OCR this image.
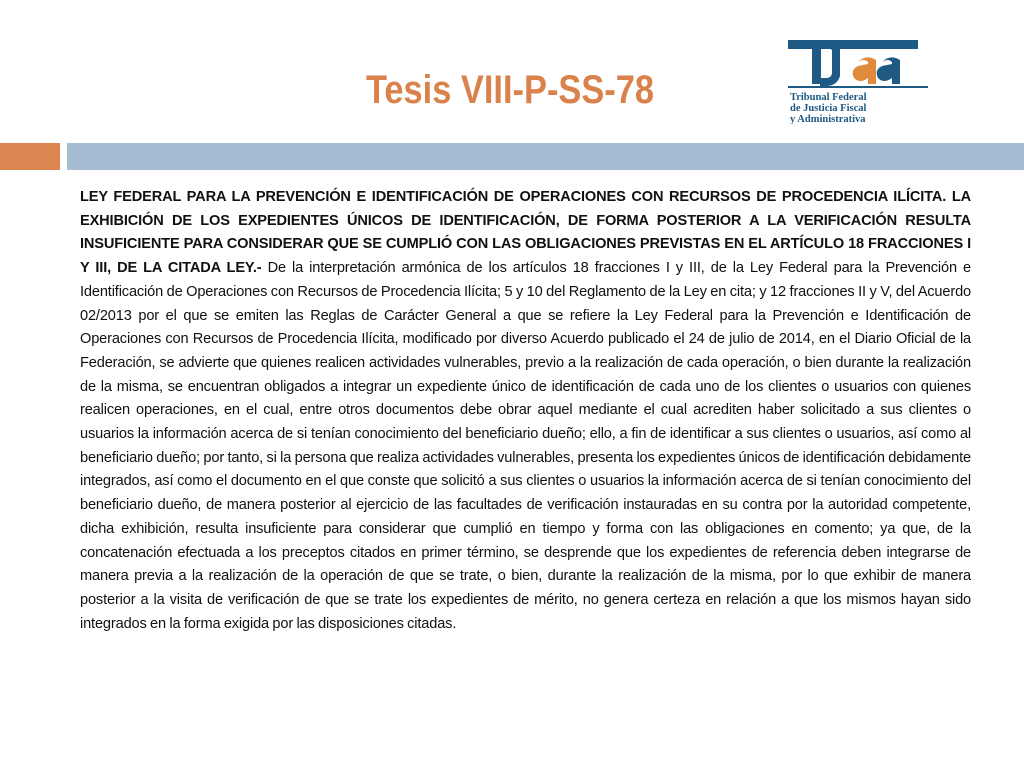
Tesis VIII-P-SS-78	Tribunal Federal
de Justicia Fiscal
y Administrativa
LEY FEDERAL PARA LA PREVENCIÓN E IDENTIFICACIÓN DE OPERACIONES CON RECURSOS DE PROCEDENCIA ILÍCITA. LA EXHIBICIÓN DE LOS EXPEDIENTES ÚNICOS DE IDENTIFICACIÓN, DE FORMA POSTERIOR A LA VERIFICACIÓN RESULTA INSUFICIENTE PARA CONSIDERAR QUE SE CUMPLIÓ CON LAS OBLIGACIONES PREVISTAS EN EL ARTÍCULO 18 FRACCIONES I Y III, DE LA CITADA LEY.- De la interpretación armónica de los artículos 18 fracciones I y III, de la Ley Federal para la Prevención e Identificación de Operaciones con Recursos de Procedencia Ilícita; 5 y 10 del Reglamento de la Ley en cita; y 12 fracciones II y V, del Acuerdo 02/2013 por el que se emiten las Reglas de Carácter General a que se refiere la Ley Federal para la Prevención e Identificación de Operaciones con Recursos de Procedencia Ilícita, modificado por diverso Acuerdo publicado el 24 de julio de 2014, en el Diario Oficial de la Federación, se advierte que quienes realicen actividades vulnerables, previo a la realización de cada operación, o bien durante la realización de la misma, se encuentran obligados a integrar un expediente único de identificación de cada uno de los clientes o usuarios con quienes realicen operaciones, en el cual, entre otros documentos debe obrar aquel mediante el cual acrediten haber solicitado a sus clientes o usuarios la información acerca de si tenían conocimiento del beneficiario dueño; ello, a fin de identificar a sus clientes o usuarios, así como al beneficiario dueño; por tanto, si la persona que realiza actividades vulnerables, presenta los expedientes únicos de identificación debidamente integrados, así como el documento en el que conste que solicitó a sus clientes o usuarios la información acerca de si tenían conocimiento del beneficiario dueño, de manera posterior al ejercicio de las facultades de verificación instauradas en su contra por la autoridad competente, dicha exhibición, resulta insuficiente para considerar que cumplió en tiempo y forma con las obligaciones en comento; ya que, de la concatenación efectuada a los preceptos citados en primer término, se desprende que los expedientes de referencia deben integrarse de manera previa a la realización de la operación de que se trate, o bien, durante la realización de la misma, por lo que exhibir de manera posterior a la visita de verificación de que se trate los expedientes de mérito, no genera certeza en relación a que los mismos hayan sido integrados en la forma exigida por las disposiciones citadas.
